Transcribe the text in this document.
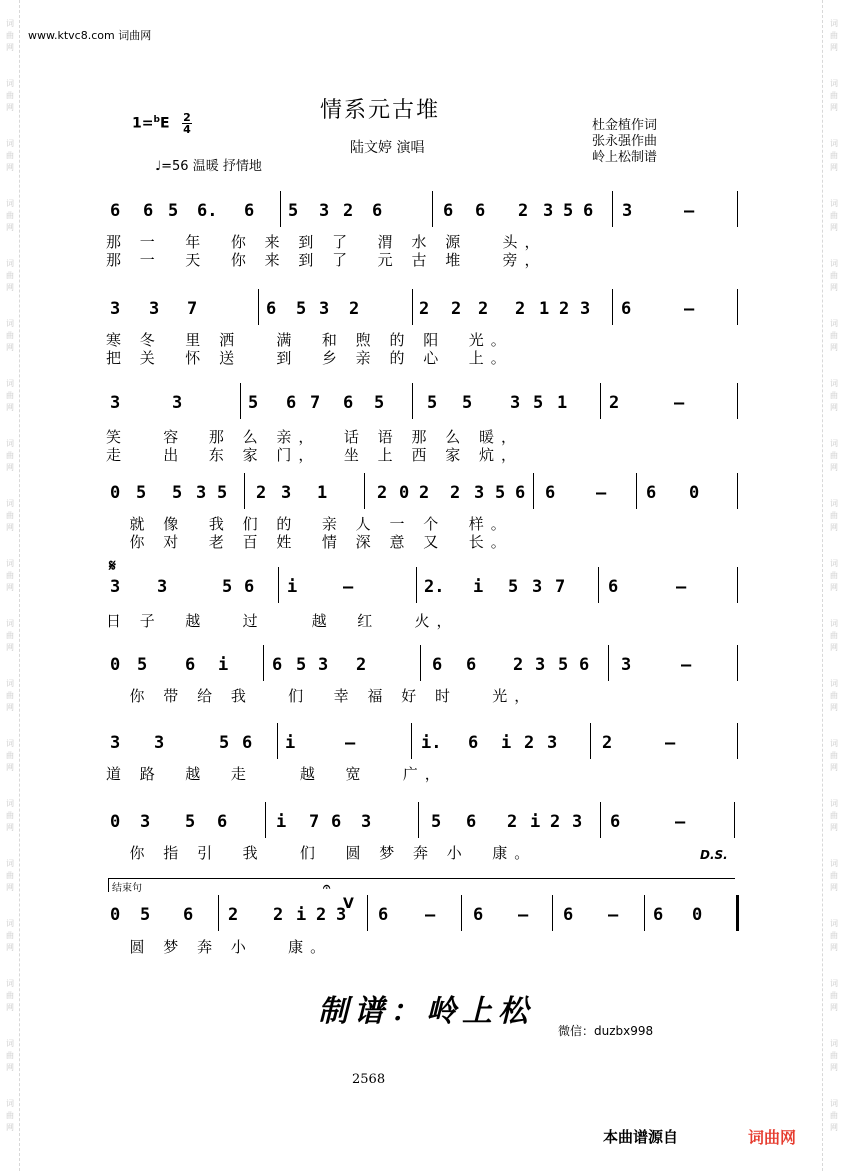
词
曲
网
词
曲
网
词
曲
网
词
曲
网
词
曲
网
词
曲
网
词
曲
网
词
曲
网
词
曲
网
词
曲
网
词
曲
网
词
曲
网
词
曲
网
词
曲
网
词
曲
网
词
曲
网
词
曲
网
词
曲
网
词
曲
网
词
曲
网
词
曲
网
词
曲
网
词
曲
网
词
曲
网
词
曲
网
词
曲
网
词
曲
网
词
曲
网
词
曲
网
词
曲
网
词
曲
网
词
曲
网
词
曲
网
词
曲
网
词
曲
网
词
曲
网
词
曲
网
词
曲
网
www.ktvc8.com 词曲网
情系元古堆
陆文婷 演唱
1=$^b$E 2
4
♩=56 温暖 抒情地
杜金植作词
张永强作曲
岭上松制谱
6 6 5 6. 6 5 3 2 6	6 6 2 3 5 6 3	–
那 一  年  你 来 到 了  渭 水 源   头，
那 一  天  你 来 到 了  元 古 堆   旁，
3 3 7	6 5 3 2	2 2 2 2 1 2 3 6	–
寒 冬  里 洒   满  和 煦 的 阳  光。
把 关  怀 送   到  乡 亲 的 心  上。
3	3	5 6 7 6 5	5 5 3 5 1 2	–
笑   容  那 么 亲，  话 语 那 么 暖，
走   出  东 家 门，  坐 上 西 家 炕，
0 5 5 3 5 2 3 1	2 0 2 2 3 5 6 6 – 6 0
就 像  我 们 的  亲 人 一 个  样。
你 对  老 百 姓  情 深 意 又  长。
3 3	5 6 i	–	2. i 5 3 7	6	–
日 子  越   过    越  红   火，
0 5 6 i	6 5 3 2	6 6 2 3 5 6 3	–
你 带 给 我   们  幸 福 好 时   光，
3 3	5 6 i	–	i. 6 i 2 3	2	–
道 路  越  走    越  宽   广，
0 3 5 6	i 7 6 3	5 6 2 i 2 3 6	–
你 指 引  我   们  圆 梦 奔 小  康。
0 5 6 2 2 i 2 3 6 – 6 – 6 – 6 0
圆 梦 奔 小   康。
𝄋
D.S.
结束句
V
𝄐
制谱：岭上松
微信：duzbx998
2568
本曲谱源自	词曲网
